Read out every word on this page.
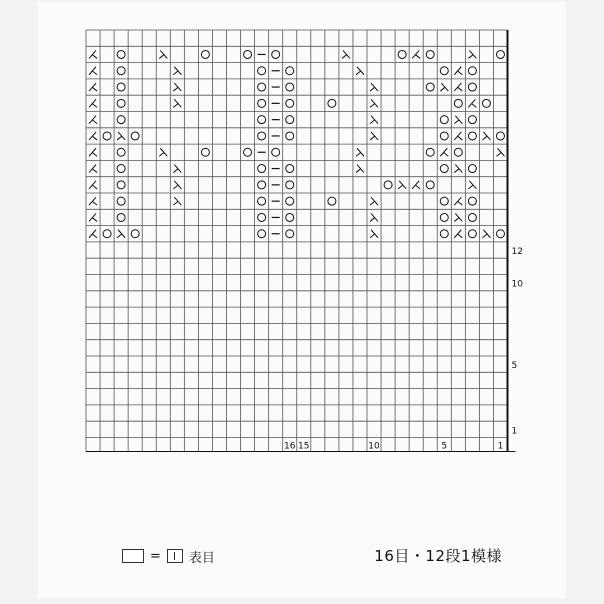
12
10
5
1
16 15	10	5	1
= 表目	16目・12段1模様
